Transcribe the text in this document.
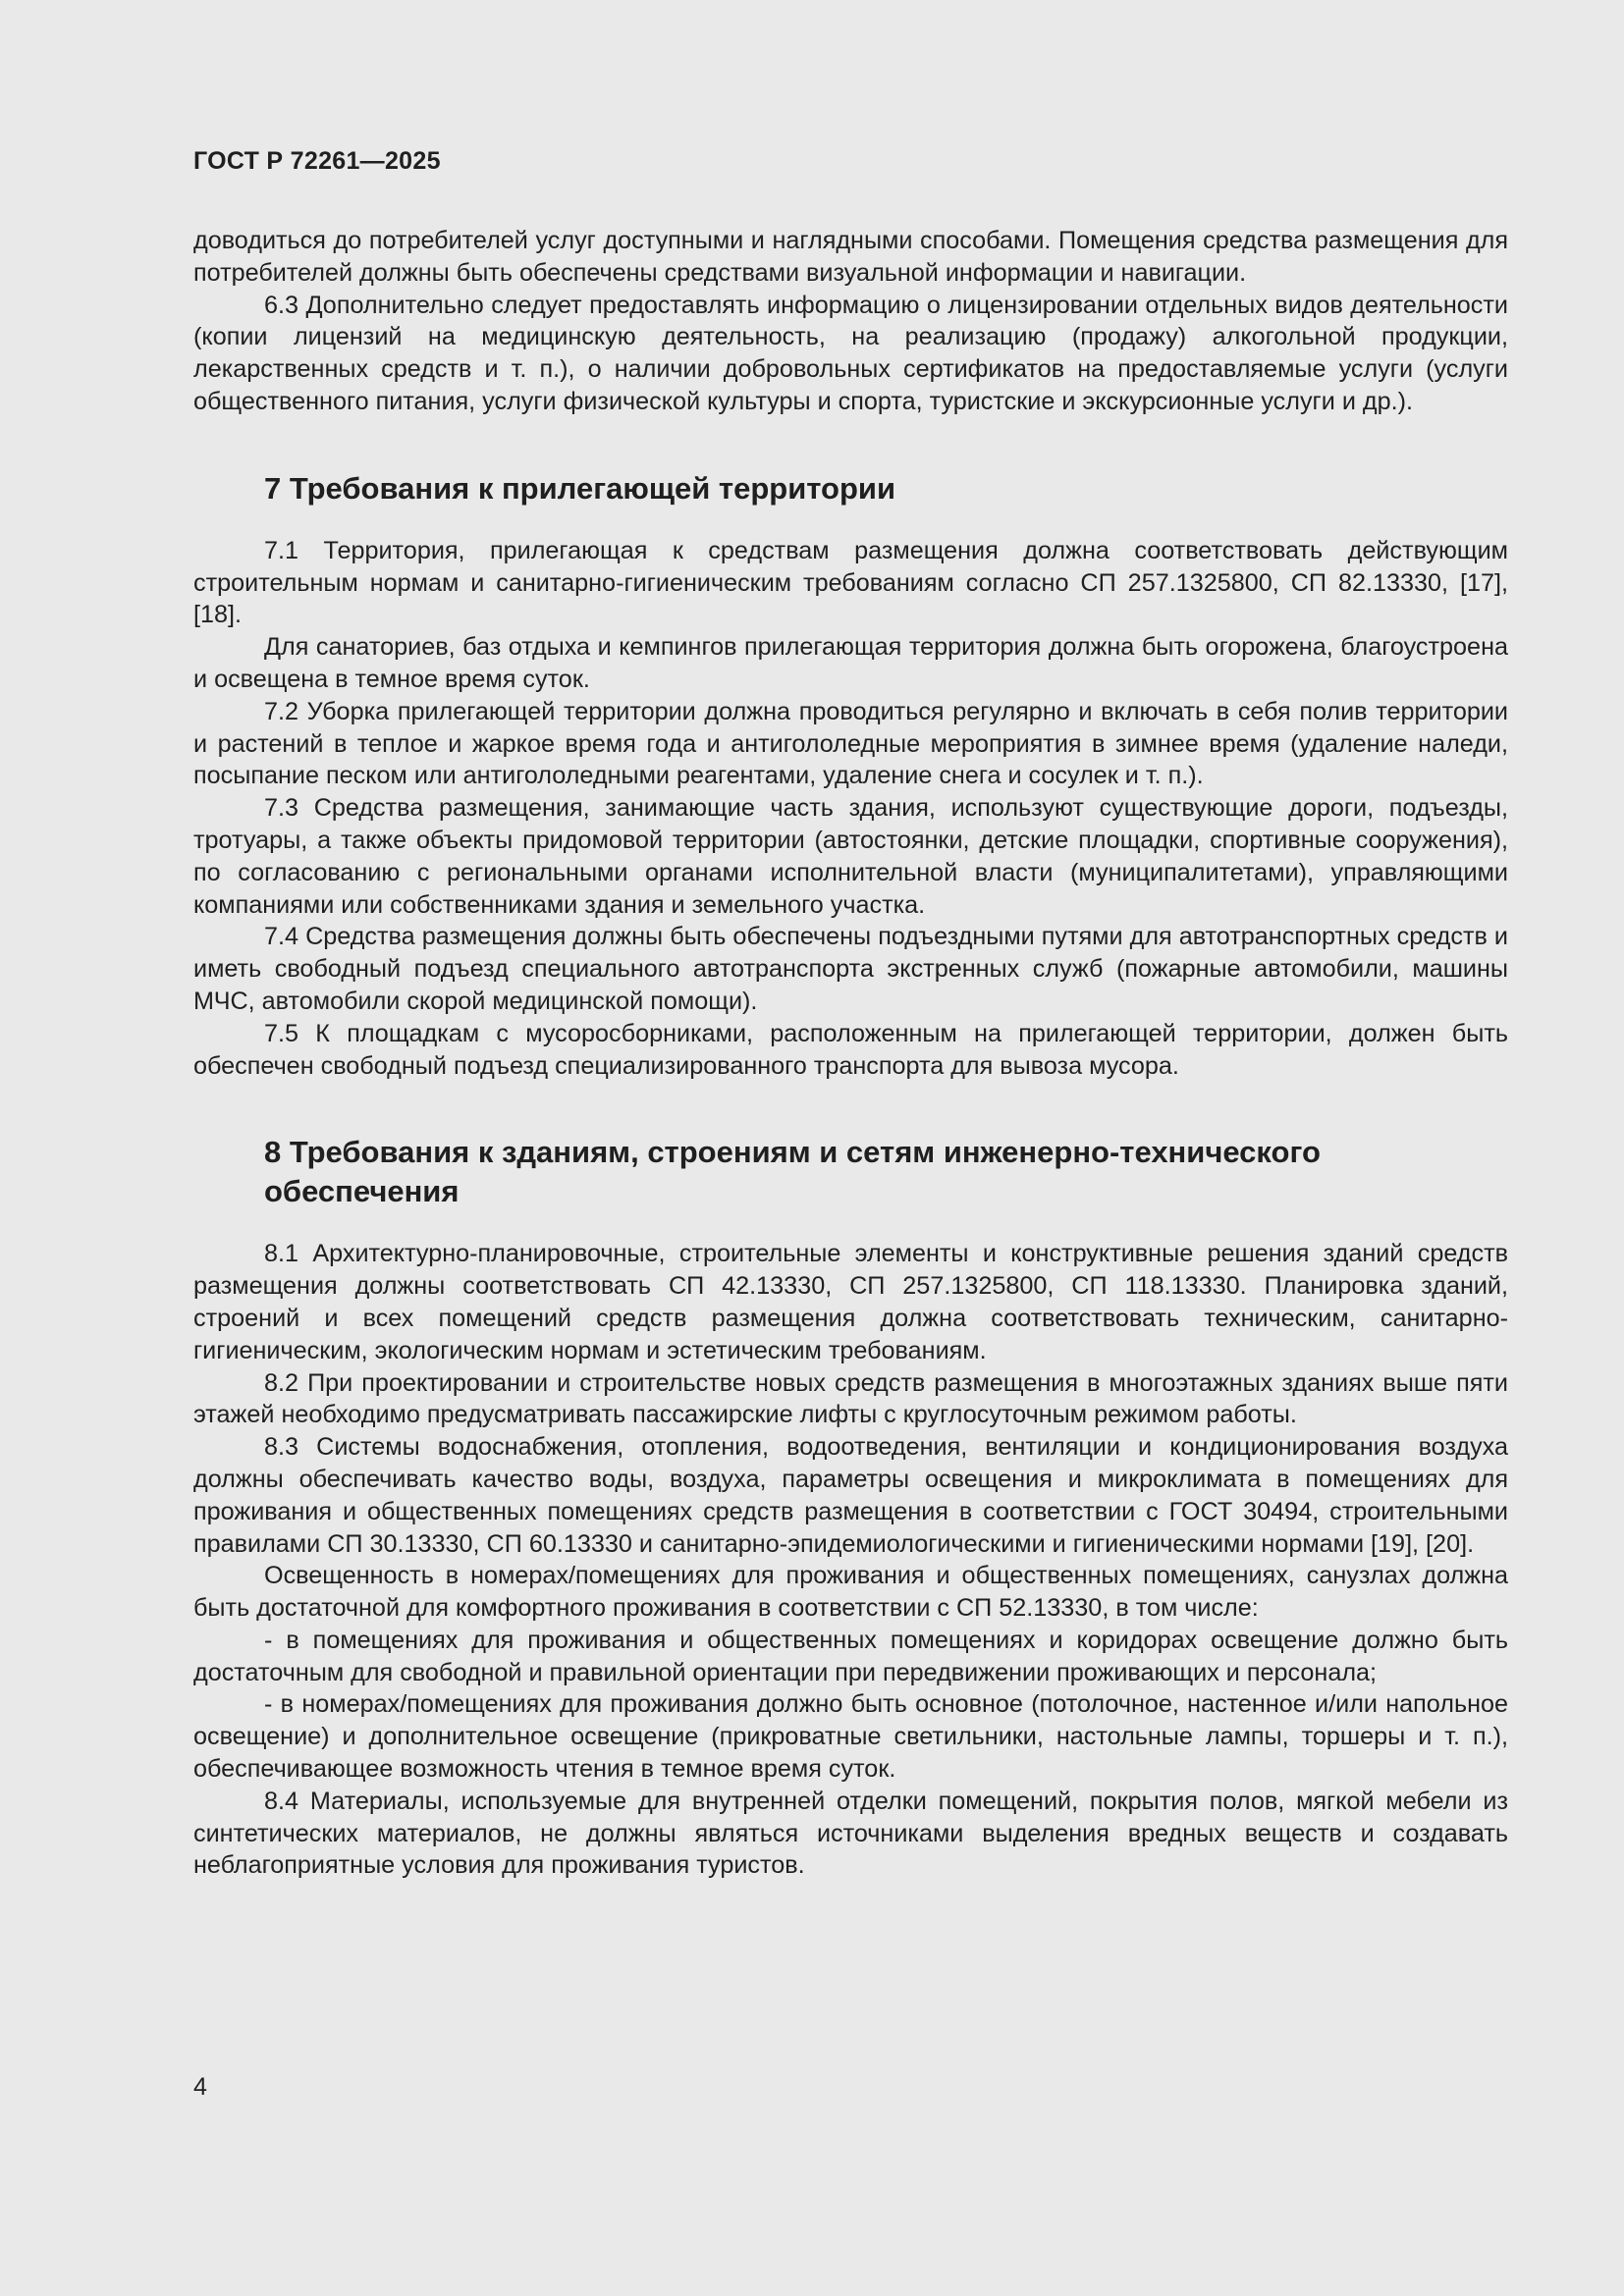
ГОСТ Р 72261—2025

доводиться до потребителей услуг доступными и наглядными способами. Помещения средства размещения для потребителей должны быть обеспечены средствами визуальной информации и навигации.

6.3 Дополнительно следует предоставлять информацию о лицензировании отдельных видов деятельности (копии лицензий на медицинскую деятельность, на реализацию (продажу) алкогольной продукции, лекарственных средств и т. п.), о наличии добровольных сертификатов на предоставляемые услуги (услуги общественного питания, услуги физической культуры и спорта, туристские и экскурсионные услуги и др.).

7 Требования к прилегающей территории

7.1 Территория, прилегающая к средствам размещения должна соответствовать действующим строительным нормам и санитарно-гигиеническим требованиям согласно СП 257.1325800, СП 82.13330, [17], [18].

Для санаториев, баз отдыха и кемпингов прилегающая территория должна быть огорожена, благоустроена и освещена в темное время суток.

7.2 Уборка прилегающей территории должна проводиться регулярно и включать в себя полив территории и растений в теплое и жаркое время года и антигололедные мероприятия в зимнее время (удаление наледи, посыпание песком или антигололедными реагентами, удаление снега и сосулек и т. п.).

7.3 Средства размещения, занимающие часть здания, используют существующие дороги, подъезды, тротуары, а также объекты придомовой территории (автостоянки, детские площадки, спортивные сооружения), по согласованию с региональными органами исполнительной власти (муниципалитетами), управляющими компаниями или собственниками здания и земельного участка.

7.4 Средства размещения должны быть обеспечены подъездными путями для автотранспортных средств и иметь свободный подъезд специального автотранспорта экстренных служб (пожарные автомобили, машины МЧС, автомобили скорой медицинской помощи).

7.5 К площадкам с мусоросборниками, расположенным на прилегающей территории, должен быть обеспечен свободный подъезд специализированного транспорта для вывоза мусора.

8 Требования к зданиям, строениям и сетям инженерно-технического обеспечения

8.1 Архитектурно-планировочные, строительные элементы и конструктивные решения зданий средств размещения должны соответствовать СП 42.13330, СП 257.1325800, СП 118.13330. Планировка зданий, строений и всех помещений средств размещения должна соответствовать техническим, санитарно-гигиеническим, экологическим нормам и эстетическим требованиям.

8.2 При проектировании и строительстве новых средств размещения в многоэтажных зданиях выше пяти этажей необходимо предусматривать пассажирские лифты с круглосуточным режимом работы.

8.3 Системы водоснабжения, отопления, водоотведения, вентиляции и кондиционирования воздуха должны обеспечивать качество воды, воздуха, параметры освещения и микроклимата в помещениях для проживания и общественных помещениях средств размещения в соответствии с ГОСТ 30494, строительными правилами СП 30.13330, СП 60.13330 и санитарно-эпидемиологическими и гигиеническими нормами [19], [20].

Освещенность в номерах/помещениях для проживания и общественных помещениях, санузлах должна быть достаточной для комфортного проживания в соответствии с СП 52.13330, в том числе:

- в помещениях для проживания и общественных помещениях и коридорах освещение должно быть достаточным для свободной и правильной ориентации при передвижении проживающих и персонала;

- в номерах/помещениях для проживания должно быть основное (потолочное, настенное и/или напольное освещение) и дополнительное освещение (прикроватные светильники, настольные лампы, торшеры и т. п.), обеспечивающее возможность чтения в темное время суток.

8.4 Материалы, используемые для внутренней отделки помещений, покрытия полов, мягкой мебели из синтетических материалов, не должны являться источниками выделения вредных веществ и создавать неблагоприятные условия для проживания туристов.

4
